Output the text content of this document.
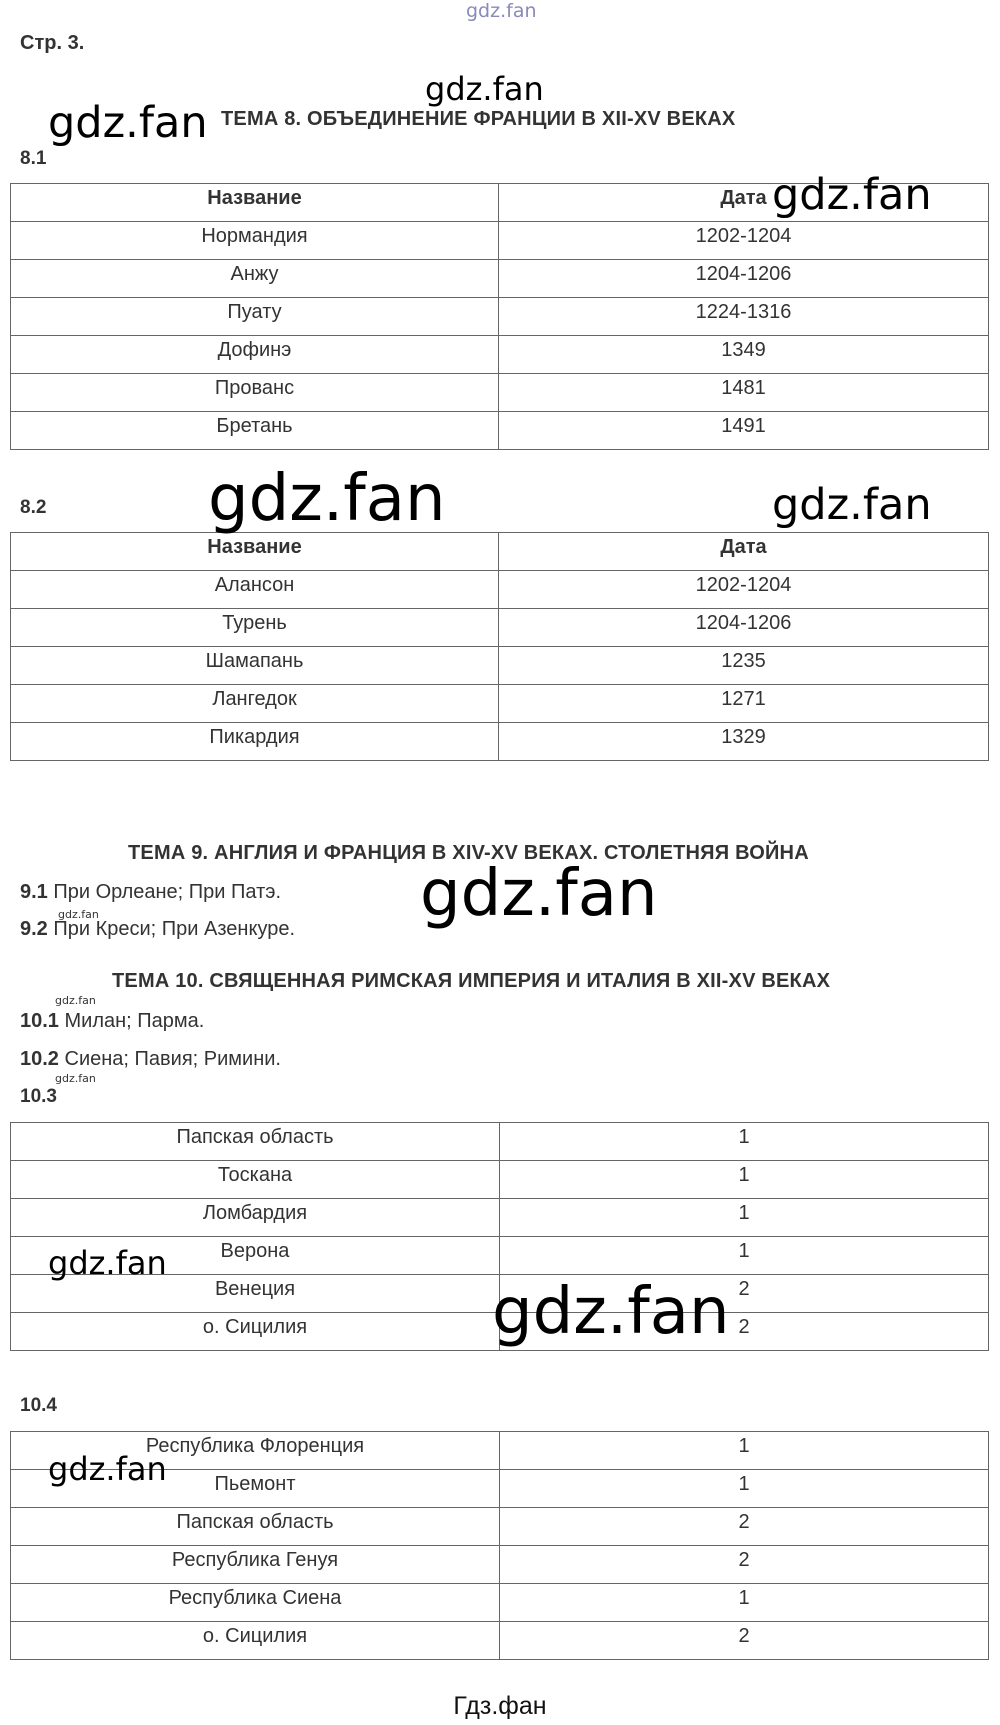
gdz.fan
Стр. 3.
ТЕМА 8. ОБЪЕДИНЕНИЕ ФРАНЦИИ В XII-XV ВЕКАХ
8.1
Название	Дата
Нормандия	1202-1204
Анжу	1204-1206
Пуату	1224-1316
Дофинэ	1349
Прованс	1481
Бретань	1491
8.2
Название	Дата
Алансон	1202-1204
Турень	1204-1206
Шамапань	1235
Лангедок	1271
Пикардия	1329
ТЕМА 9. АНГЛИЯ И ФРАНЦИЯ В XIV-XV ВЕКАХ. СТОЛЕТНЯЯ ВОЙНА
9.1 При Орлеане; При Патэ.
9.2 При Креси; При Азенкуре.
ТЕМА 10. СВЯЩЕННАЯ РИМСКАЯ ИМПЕРИЯ И ИТАЛИЯ В XII-XV ВЕКАХ
10.1 Милан; Парма.
10.2 Сиена; Павия; Римини.
10.3
Папская область	1
Тоскана	1
Ломбардия	1
Верона	1
Венеция	2
о. Сицилия	2
10.4
Республика Флоренция	1
Пьемонт	1
Папская область	2
Республика Генуя	2
Республика Сиена	1
о. Сицилия	2
gdz.fan
gdz.fan
gdz.fan
gdz.fan	gdz.fan
gdz.fan
gdz.fan
gdz.fan
gdz.fan
gdz.fan
gdz.fan
gdz.fan
Гдз.фан
